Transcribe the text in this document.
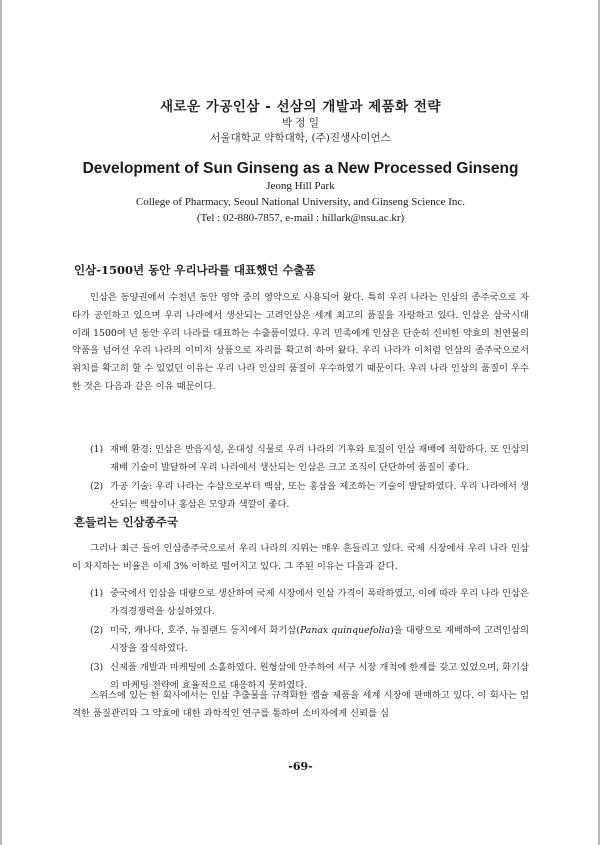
새로운 가공인삼 - 선삼의 개발과 제품화 전략
박 정 일
서울대학교 약학대학, (주)진생사이언스
Development of Sun Ginseng as a New Processed Ginseng
Jeong Hill Park
College of Pharmacy, Seoul National University, and Ginseng Science Inc.
(Tel : 02-880-7857, e-mail : hillark@nsu.ac.kr)
인삼-1500년 동안 우리나라를 대표했던 수출품

인삼은 동양권에서 수천년 동안 영약 중의 영약으로 사용되어 왔다. 특히 우리 나라는 인삼의 종주국으로 자타가 공인하고 있으며 우리 나라에서 생산되는 고려인삼은 세계 최고의 품질을 자랑하고 있다. 인삼은 삼국시대 이래 1500여 년 동안 우리 나라를 대표하는 수출품이었다. 우리 민족에게 인삼은 단순히 신비한 약효의 천연물의약품을 넘어선 우리 나라의 이미지 상품으로 자리를 확고히 하여 왔다. 우리 나라가 이처럼 인삼의 종주국으로서 위치를 확고히 할 수 있었던 이유는 우리 나라 인삼의 품질이 우수하였기 때문이다. 우리 나라 인삼의 품질이 우수한 것은 다음과 같은 이유 때문이다.

(1) 재배 환경: 인삼은 반음지성, 온대성 식물로 우리 나라의 기후와 토질이 인삼 재배에 적합하다. 또 인삼의 재배 기술이 발달하여 우리 나라에서 생산되는 인삼은 크고 조직이 단단하여 품질이 좋다.
(2) 가공 기술: 우리 나라는 수삼으로부터 백삼, 또는 홍삼을 제조하는 기술이 발달하였다. 우리 나라에서 생산되는 백삼이나 홍삼은 모양과 색깔이 좋다.
흔들리는 인삼종주국

그러나 최근 들어 인삼종주국으로서 우리 나라의 지위는 매우 흔들리고 있다. 국제 시장에서 우리 나라 인삼이 차지하는 비율은 이제 3% 이하로 떨어지고 있다. 그 주된 이유는 다음과 같다.

(1) 중국에서 인삼을 대량으로 생산하여 국제 시장에서 인삼 가격이 폭락하였고, 이에 따라 우리 나라 인삼은 가격경쟁력을 상실하였다.
(2) 미국, 캐나다, 호주, 뉴질랜드 등지에서 화기삼(Panax quinquefolia)을 대량으로 재배하여 고려인삼의 시장을 잠식하였다.
(3) 신제품 개발과 마케팅에 소홀하였다. 원형삼에 안주하여 서구 시장 개척에 한계를 갖고 있었으며, 화기삼의 마케팅 전략에 효율적으로 대응하지 못하였다.

스위스에 있는 한 회사에서는 인삼 추출물을 규격화한 캡슐 제품을 세계 시장에 판매하고 있다. 이 회사는 엄격한 품질관리와 그 약효에 대한 과학적인 연구를 통하여 소비자에게 신뢰를 심

-69-
